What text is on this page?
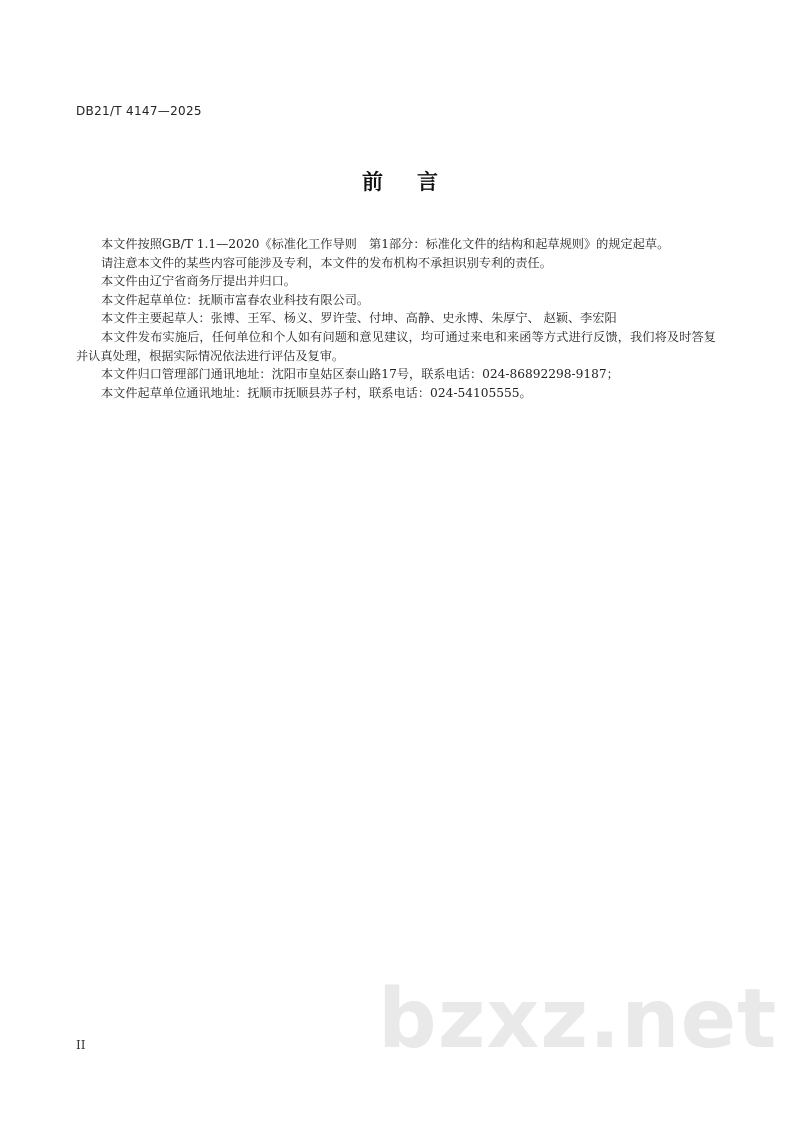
DB21/T 4147—2025
前 言

本文件按照GB/T 1.1—2020《标准化工作导则　第1部分：标准化文件的结构和起草规则》的规定起草。

请注意本文件的某些内容可能涉及专利，本文件的发布机构不承担识别专利的责任。

本文件由辽宁省商务厅提出并归口。

本文件起草单位：抚顺市富春农业科技有限公司。

本文件主要起草人：张博、王军、杨义、罗许莹、付坤、高静、史永博、朱厚宁、 赵颖、李宏阳

本文件发布实施后，任何单位和个人如有问题和意见建议，均可通过来电和来函等方式进行反馈，我们将及时答复并认真处理，根据实际情况依法进行评估及复审。

本文件归口管理部门通讯地址：沈阳市皇姑区泰山路17号，联系电话：024-86892298-9187；

本文件起草单位通讯地址：抚顺市抚顺县苏子村，联系电话：024-54105555。

bzxz.net
II
